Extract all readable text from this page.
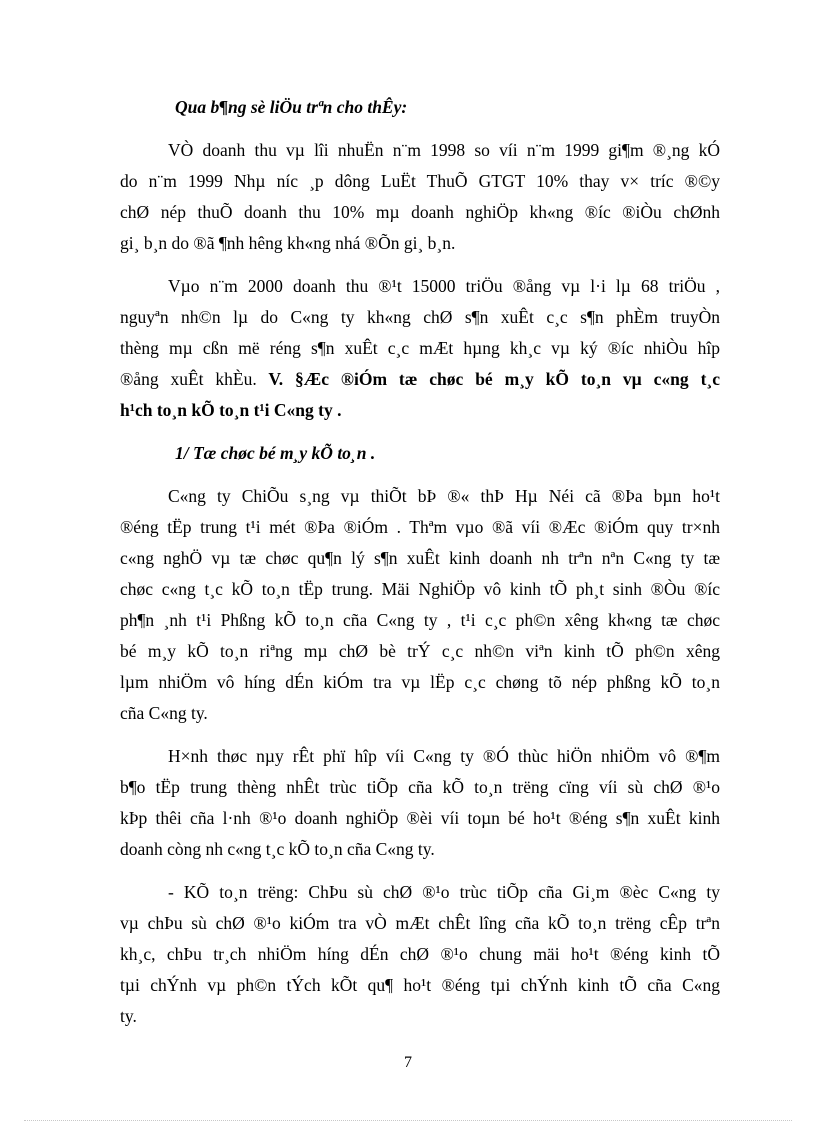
Qua b¶ng sè liÖu trªn cho thÊy:
VÒ doanh thu vµ lîi nhuËn n¨m 1998 so víi n¨m 1999 gi¶m ®¸ng kÓ
do n¨m 1999 Nhµ níc ¸p dông LuËt ThuÕ GTGT 10% thay v× tríc ®©y
chØ nép thuÕ doanh thu 10% mµ doanh nghiÖp kh«ng ®íc ®iÒu chØnh
gi¸ b¸n do ®ã ¶nh hêng kh«ng nhá ®Õn gi¸ b¸n.
Vµo n¨m 2000 doanh thu ®¹t 15000 triÖu ®ång vµ l·i lµ 68 triÖu ,
nguyªn nh©n lµ do C«ng ty kh«ng chØ s¶n xuÊt c¸c s¶n phÈm truyÒn
thèng mµ cßn më réng s¶n xuÊt c¸c mÆt hµng kh¸c vµ ký ®íc nhiÒu hîp
®ång xuÊt khÈu. V. §Æc ®iÓm tæ chøc bé m¸y kÕ to¸n vµ c«ng t¸c
h¹ch to¸n kÕ to¸n t¹i C«ng ty .
1/ Tæ chøc bé m¸y kÕ to¸n .
C«ng ty ChiÕu s¸ng vµ thiÕt bÞ ®« thÞ Hµ Néi cã ®Þa bµn ho¹t
®éng tËp trung t¹i mét ®Þa ®iÓm . Thªm vµo ®ã víi ®Æc ®iÓm quy tr×nh
c«ng nghÖ vµ tæ chøc qu¶n lý s¶n xuÊt kinh doanh nh trªn nªn C«ng ty tæ
chøc c«ng t¸c kÕ to¸n tËp trung. Mäi NghiÖp vô kinh tÕ ph¸t sinh ®Òu ®íc
ph¶n ¸nh t¹i Phßng kÕ to¸n cña C«ng ty , t¹i c¸c ph©n xêng kh«ng tæ chøc
bé m¸y kÕ to¸n riªng mµ chØ bè trÝ c¸c nh©n viªn kinh tÕ ph©n xêng
lµm nhiÖm vô híng dÉn kiÓm tra vµ lËp c¸c chøng tõ nép phßng kÕ to¸n
cña C«ng ty.
H×nh thøc nµy rÊt phï hîp víi C«ng ty ®Ó thùc hiÖn nhiÖm vô ®¶m
b¶o tËp trung thèng nhÊt trùc tiÕp cña kÕ to¸n trëng cïng víi sù chØ ®¹o
kÞp thêi cña l·nh ®¹o doanh nghiÖp ®èi víi toµn bé ho¹t ®éng s¶n xuÊt kinh
doanh còng nh c«ng t¸c kÕ to¸n cña C«ng ty.
- KÕ to¸n trëng: ChÞu sù chØ ®¹o trùc tiÕp cña Gi¸m ®èc C«ng ty
vµ chÞu sù chØ ®¹o kiÓm tra vÒ mÆt chÊt lîng cña kÕ to¸n trëng cÊp trªn
kh¸c, chÞu tr¸ch nhiÖm híng dÉn chØ ®¹o chung mäi ho¹t ®éng kinh tÕ
tµi chÝnh vµ ph©n tÝch kÕt qu¶ ho¹t ®éng tµi chÝnh kinh tÕ cña C«ng
ty.
7
